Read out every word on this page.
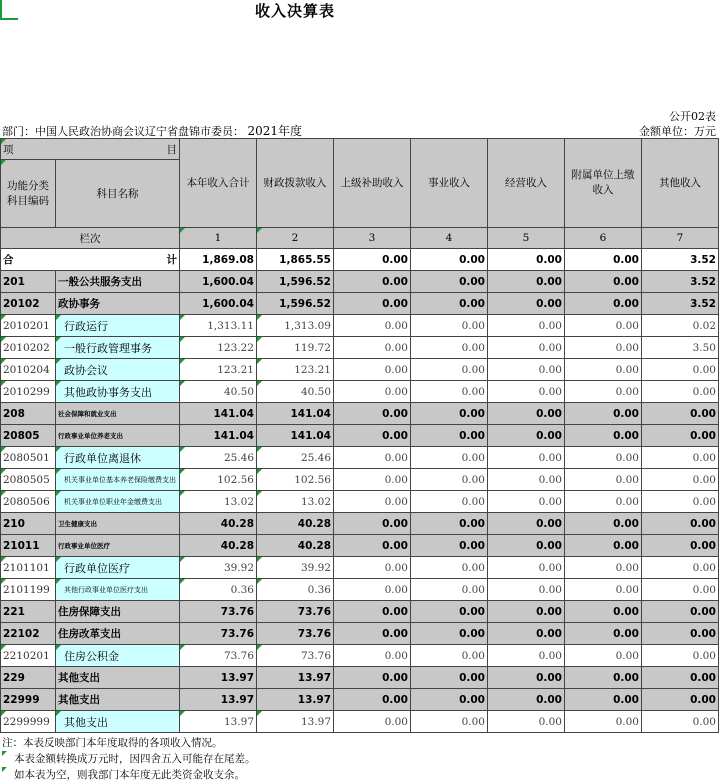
收入决算表
公开02表
部门：中国人民政治协商会议辽宁省盘锦市委员： 2021年度	金额单位：万元
项 目		本年收入合计	财政拨款收入	上级补助收入	事业收入	经营收入	附属单位上缴收入	其他收入
功能分类科目编码	科目名称							
栏次		1	2	3	4	5	6	7
合 计		1,869.08	1,865.55	0.00	0.00	0.00	0.00	3.52
201	一般公共服务支出	1,600.04	1,596.52	0.00	0.00	0.00	0.00	3.52
20102	政协事务	1,600.04	1,596.52	0.00	0.00	0.00	0.00	3.52
2010201	行政运行	1,313.11	1,313.09	0.00	0.00	0.00	0.00	0.02
2010202	一般行政管理事务	123.22	119.72	0.00	0.00	0.00	0.00	3.50
2010204	政协会议	123.21	123.21	0.00	0.00	0.00	0.00	0.00
2010299	其他政协事务支出	40.50	40.50	0.00	0.00	0.00	0.00	0.00
208	社会保障和就业支出	141.04	141.04	0.00	0.00	0.00	0.00	0.00
20805	行政事业单位养老支出	141.04	141.04	0.00	0.00	0.00	0.00	0.00
2080501	行政单位离退休	25.46	25.46	0.00	0.00	0.00	0.00	0.00
2080505	机关事业单位基本养老保险缴费支出	102.56	102.56	0.00	0.00	0.00	0.00	0.00
2080506	机关事业单位职业年金缴费支出	13.02	13.02	0.00	0.00	0.00	0.00	0.00
210	卫生健康支出	40.28	40.28	0.00	0.00	0.00	0.00	0.00
21011	行政事业单位医疗	40.28	40.28	0.00	0.00	0.00	0.00	0.00
2101101	行政单位医疗	39.92	39.92	0.00	0.00	0.00	0.00	0.00
2101199	其他行政事业单位医疗支出	0.36	0.36	0.00	0.00	0.00	0.00	0.00
221	住房保障支出	73.76	73.76	0.00	0.00	0.00	0.00	0.00
22102	住房改革支出	73.76	73.76	0.00	0.00	0.00	0.00	0.00
2210201	住房公积金	73.76	73.76	0.00	0.00	0.00	0.00	0.00
229	其他支出	13.97	13.97	0.00	0.00	0.00	0.00	0.00
22999	其他支出	13.97	13.97	0.00	0.00	0.00	0.00	0.00
2299999	其他支出	13.97	13.97	0.00	0.00	0.00	0.00	0.00
注：本表反映部门本年度取得的各项收入情况。
本表金额转换成万元时，因四舍五入可能存在尾差。
如本表为空，则我部门本年度无此类资金收支余。
